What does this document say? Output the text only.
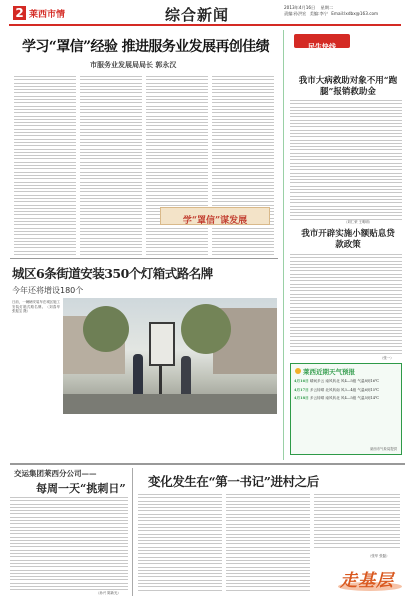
2 莱西市情	综合新闻	2013年4月16日 星期二
责编:孙洪宏 美编:李宁 Email:lxdbx@163.com
学习“罩信”经验 推进服务业发展再创佳绩
市服务业发展局局长 郭永汉
学“罩信”谋发展
城区6条街道安装350个灯箱式路名牌
今年还将增设180个
日前，一辆辆安装车在城区施工安装灯箱式路名牌。（刘春华 张振宝 摄）
民生快线
我市大病救助对象不用“跑腿”报销救助金
（刘仁荣 王明明）
我市开辟实施小额贴息贷款政策
（张一）
莱西近期天气预报
4月16日 晴间多云 南风转北 风4—5级 气温8到16℃
4月17日 多云转晴 北风转南 风3—4级 气温6到15℃
4月18日 多云转晴 南风转北 风4—5级 气温5到14℃
莱西市气象局提供
交运集团莱西分公司——
每周一天“挑刺日”
（孙兴 陈新光）
变化发生在“第一书记”进村之后
（张华 张磊）
走基层
